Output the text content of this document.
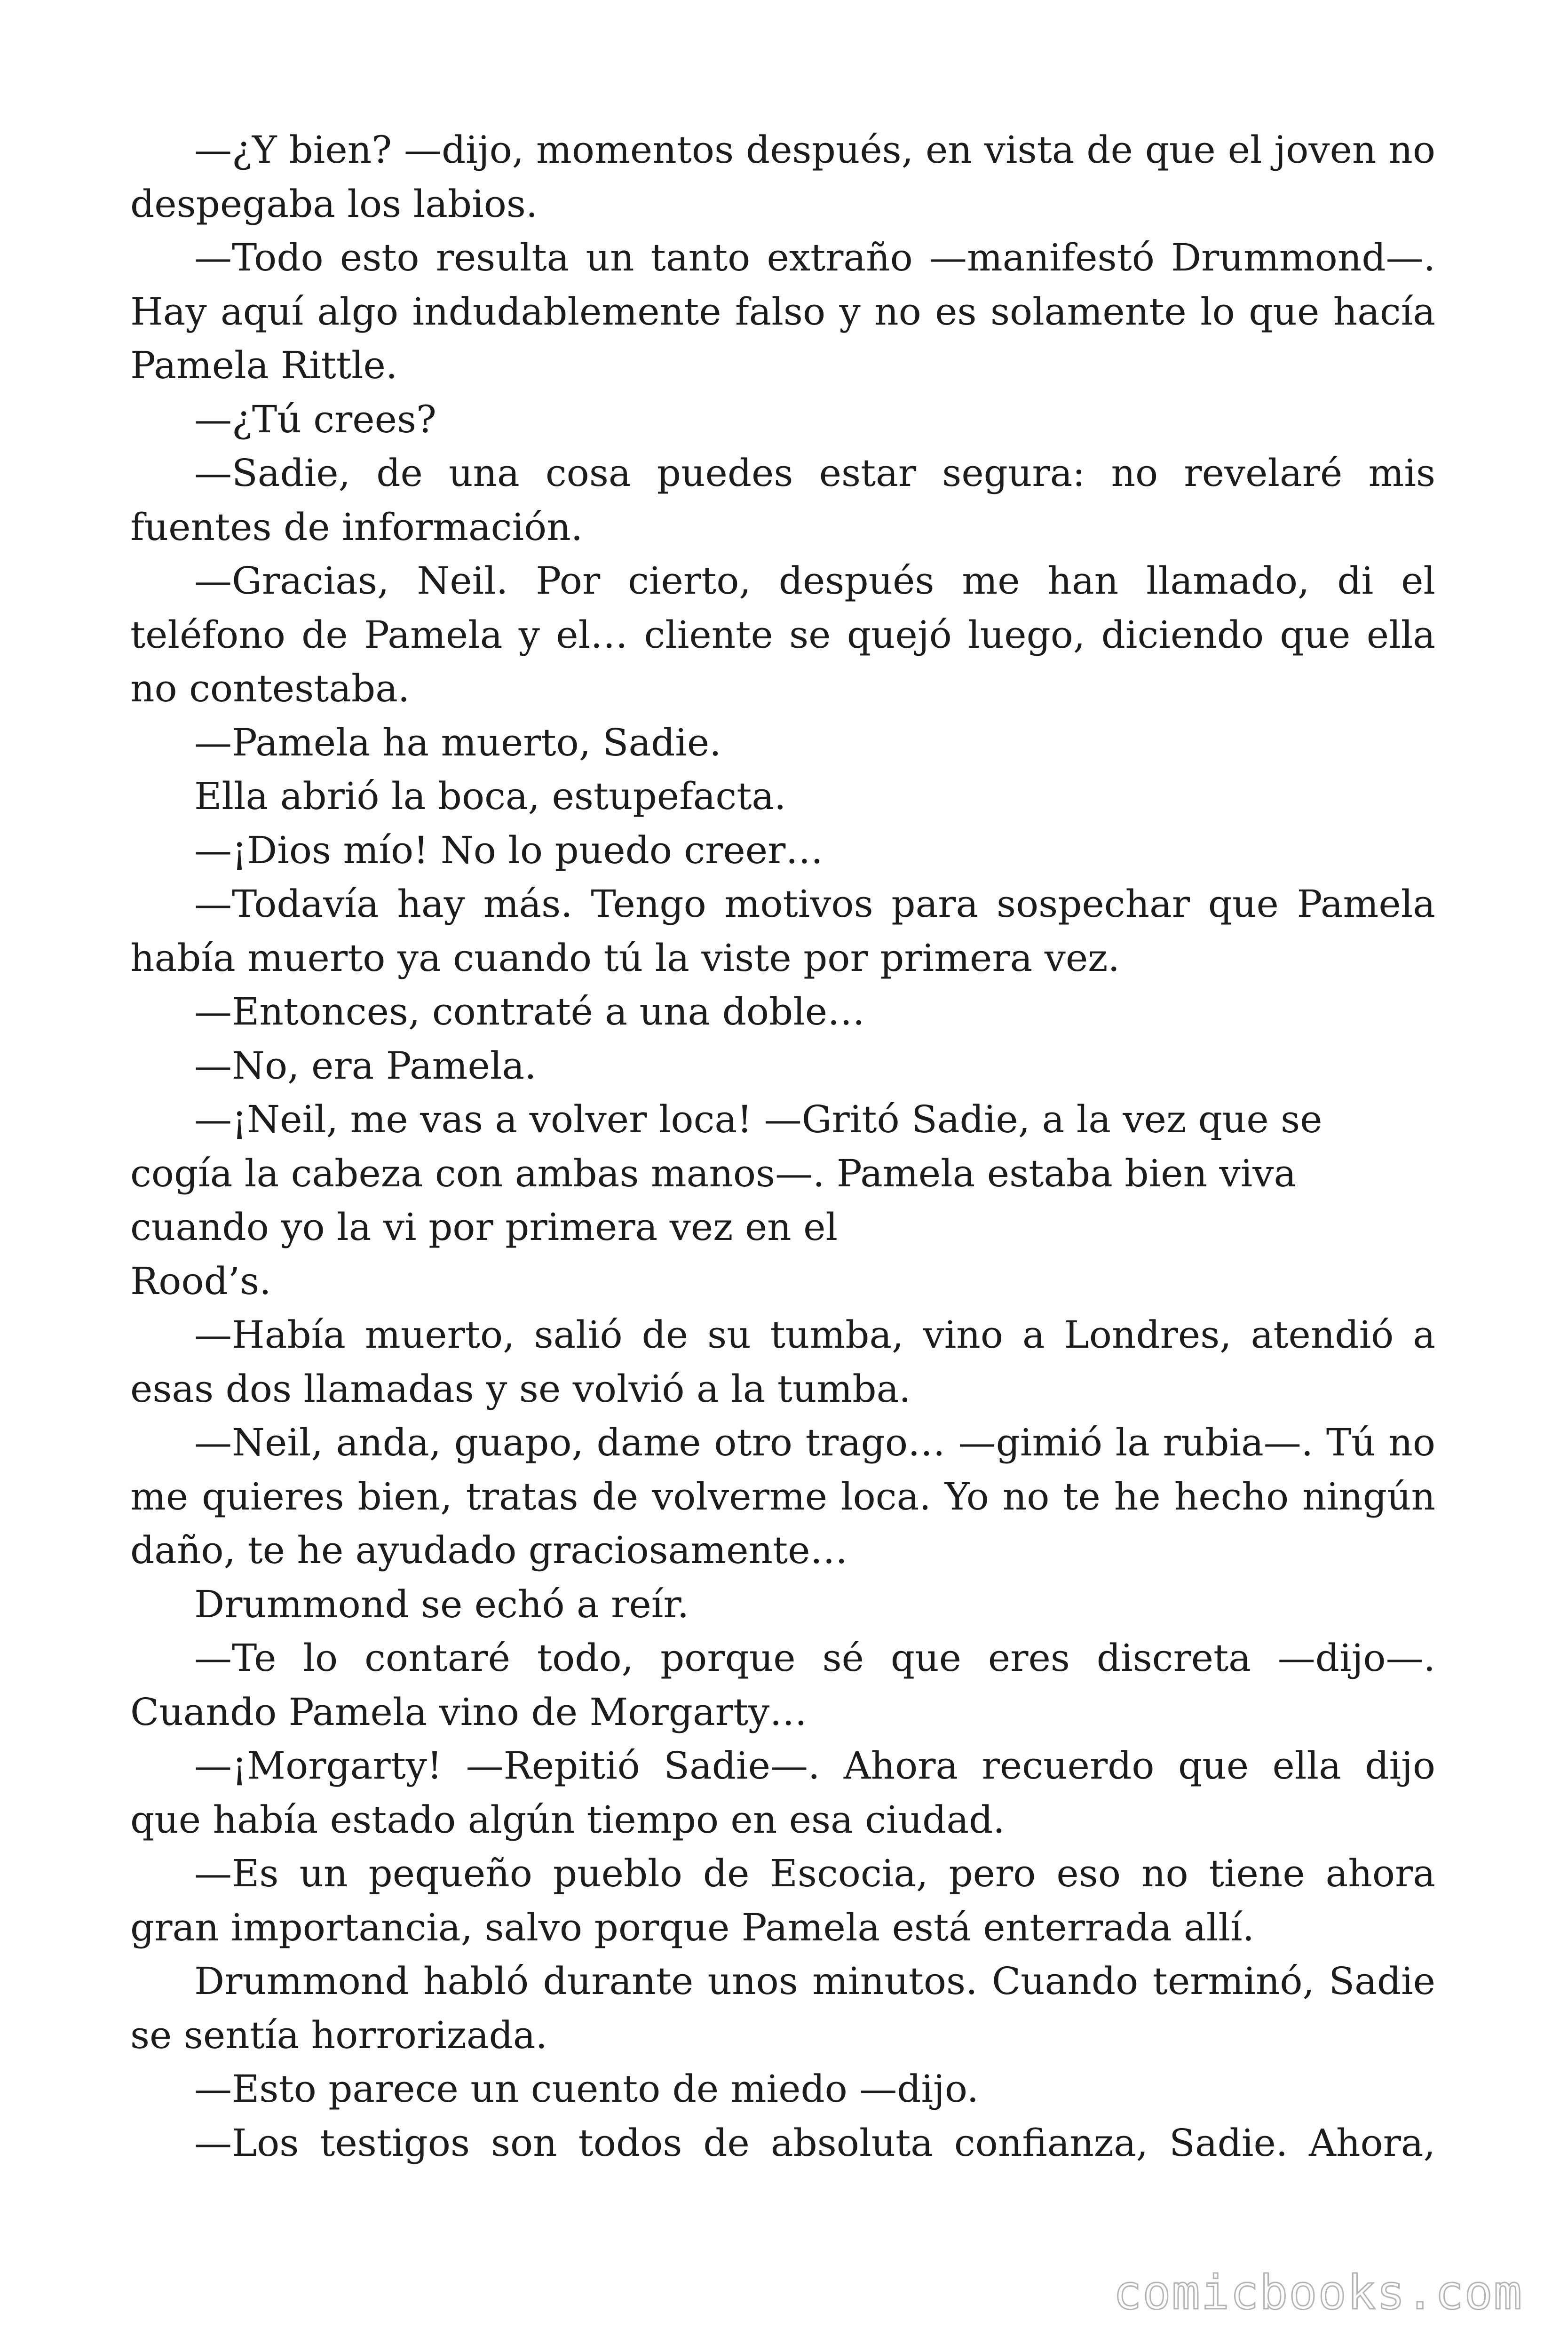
—¿Y bien? —dijo, momentos después, en vista de que el joven no despegaba los labios.

—Todo esto resulta un tanto extraño —manifestó Drummond—. Hay aquí algo indudablemente falso y no es solamente lo que hacía Pamela Rittle.

—¿Tú crees?

—Sadie, de una cosa puedes estar segura: no revelaré mis fuentes de información.

—Gracias, Neil. Por cierto, después me han llamado, di el teléfono de Pamela y el… cliente se quejó luego, diciendo que ella no contestaba.

—Pamela ha muerto, Sadie.

Ella abrió la boca, estupefacta.

—¡Dios mío! No lo puedo creer…

—Todavía hay más. Tengo motivos para sospechar que Pamela había muerto ya cuando tú la viste por primera vez.

—Entonces, contraté a una doble…

—No, era Pamela.

—¡Neil, me vas a volver loca! —Gritó Sadie, a la vez que se cogía la cabeza con ambas manos—. Pamela estaba bien viva cuando yo la vi por primera vez en el

Rood’s.

—Había muerto, salió de su tumba, vino a Londres, atendió a esas dos llamadas y se volvió a la tumba.

—Neil, anda, guapo, dame otro trago… —gimió la rubia—. Tú no me quieres bien, tratas de volverme loca. Yo no te he hecho ningún daño, te he ayudado graciosamente…

Drummond se echó a reír.

—Te lo contaré todo, porque sé que eres discreta —dijo—. Cuando Pamela vino de Morgarty…

—¡Morgarty! —Repitió Sadie—. Ahora recuerdo que ella dijo que había estado algún tiempo en esa ciudad.

—Es un pequeño pueblo de Escocia, pero eso no tiene ahora gran importancia, salvo porque Pamela está enterrada allí.

Drummond habló durante unos minutos. Cuando terminó, Sadie se sentía horrorizada.

—Esto parece un cuento de miedo —dijo.

—Los testigos son todos de absoluta confianza, Sadie. Ahora,

comicbooks.com
